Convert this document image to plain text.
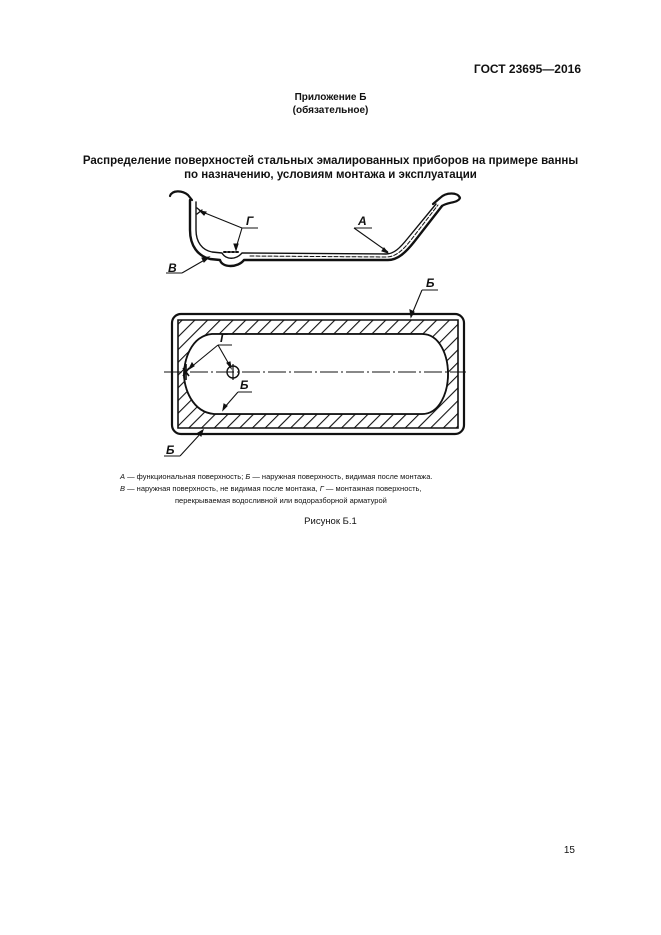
ГОСТ 23695—2016
Приложение Б
(обязательное)
Распределение поверхностей стальных эмалированных приборов на примере ванны
по назначению, условиям монтажа и эксплуатации
Г	А
В
Б
Г
Б
Б
А — функциональная поверхность; Б — наружная поверхность, видимая после монтажа.
В — наружная поверхность, не видимая после монтажа, Г — монтажная поверхность,
перекрываемая водосливной или водоразборной арматурой
Рисунок Б.1
15
